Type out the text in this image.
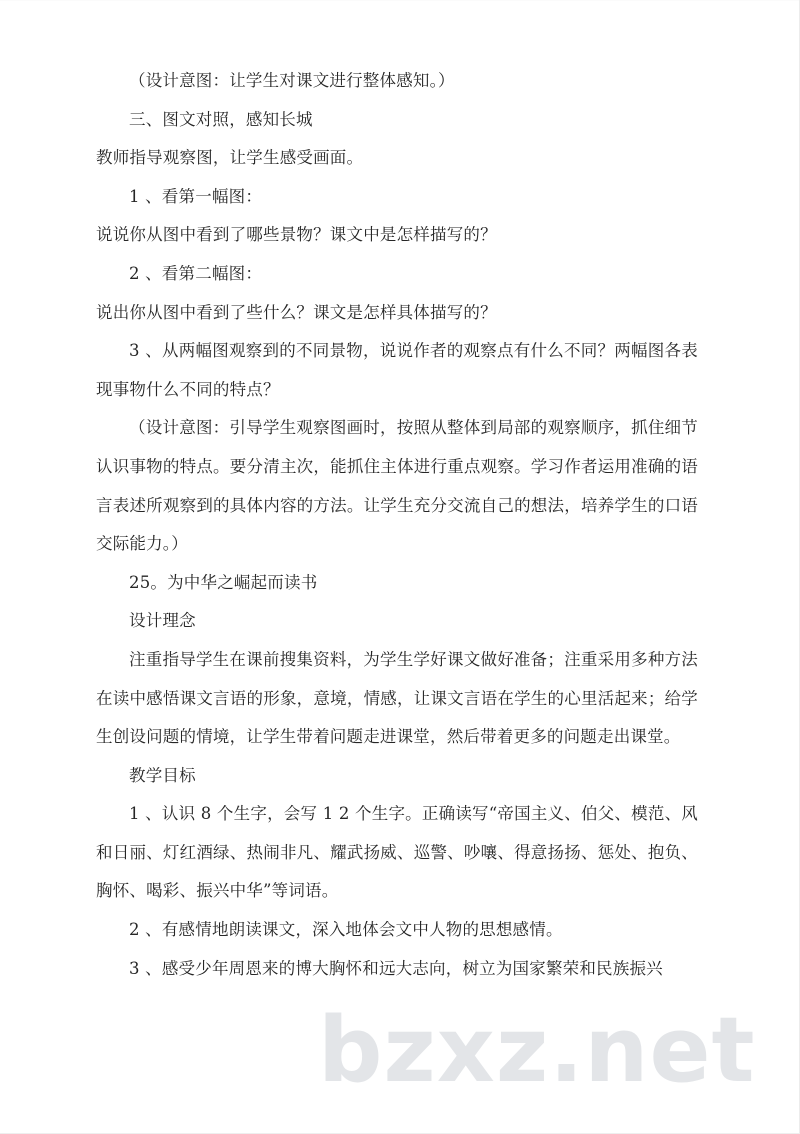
bzxz.net

（设计意图：让学生对课文进行整体感知。）

三、图文对照，感知长城

教师指导观察图，让学生感受画面。

1 、看第一幅图：

说说你从图中看到了哪些景物？课文中是怎样描写的？

2 、看第二幅图：

说出你从图中看到了些什么？课文是怎样具体描写的？

3 、从两幅图观察到的不同景物，说说作者的观察点有什么不同？两幅图各表现事物什么不同的特点？

（设计意图：引导学生观察图画时，按照从整体到局部的观察顺序，抓住细节认识事物的特点。要分清主次，能抓住主体进行重点观察。学习作者运用准确的语言表述所观察到的具体内容的方法。让学生充分交流自己的想法，培养学生的口语交际能力。）

25。为中华之崛起而读书

设计理念

注重指导学生在课前搜集资料，为学生学好课文做好准备；注重采用多种方法在读中感悟课文言语的形象，意境，情感，让课文言语在学生的心里活起来；给学生创设问题的情境，让学生带着问题走进课堂，然后带着更多的问题走出课堂。

教学目标

1 、认识 8 个生字，会写 1 2 个生字。正确读写“帝国主义、伯父、模范、风和日丽、灯红酒绿、热闹非凡、耀武扬威、巡警、吵嚷、得意扬扬、惩处、抱负、胸怀、喝彩、振兴中华”等词语。

2 、有感情地朗读课文，深入地体会文中人物的思想感情。

3 、感受少年周恩来的博大胸怀和远大志向，树立为国家繁荣和民族振兴
